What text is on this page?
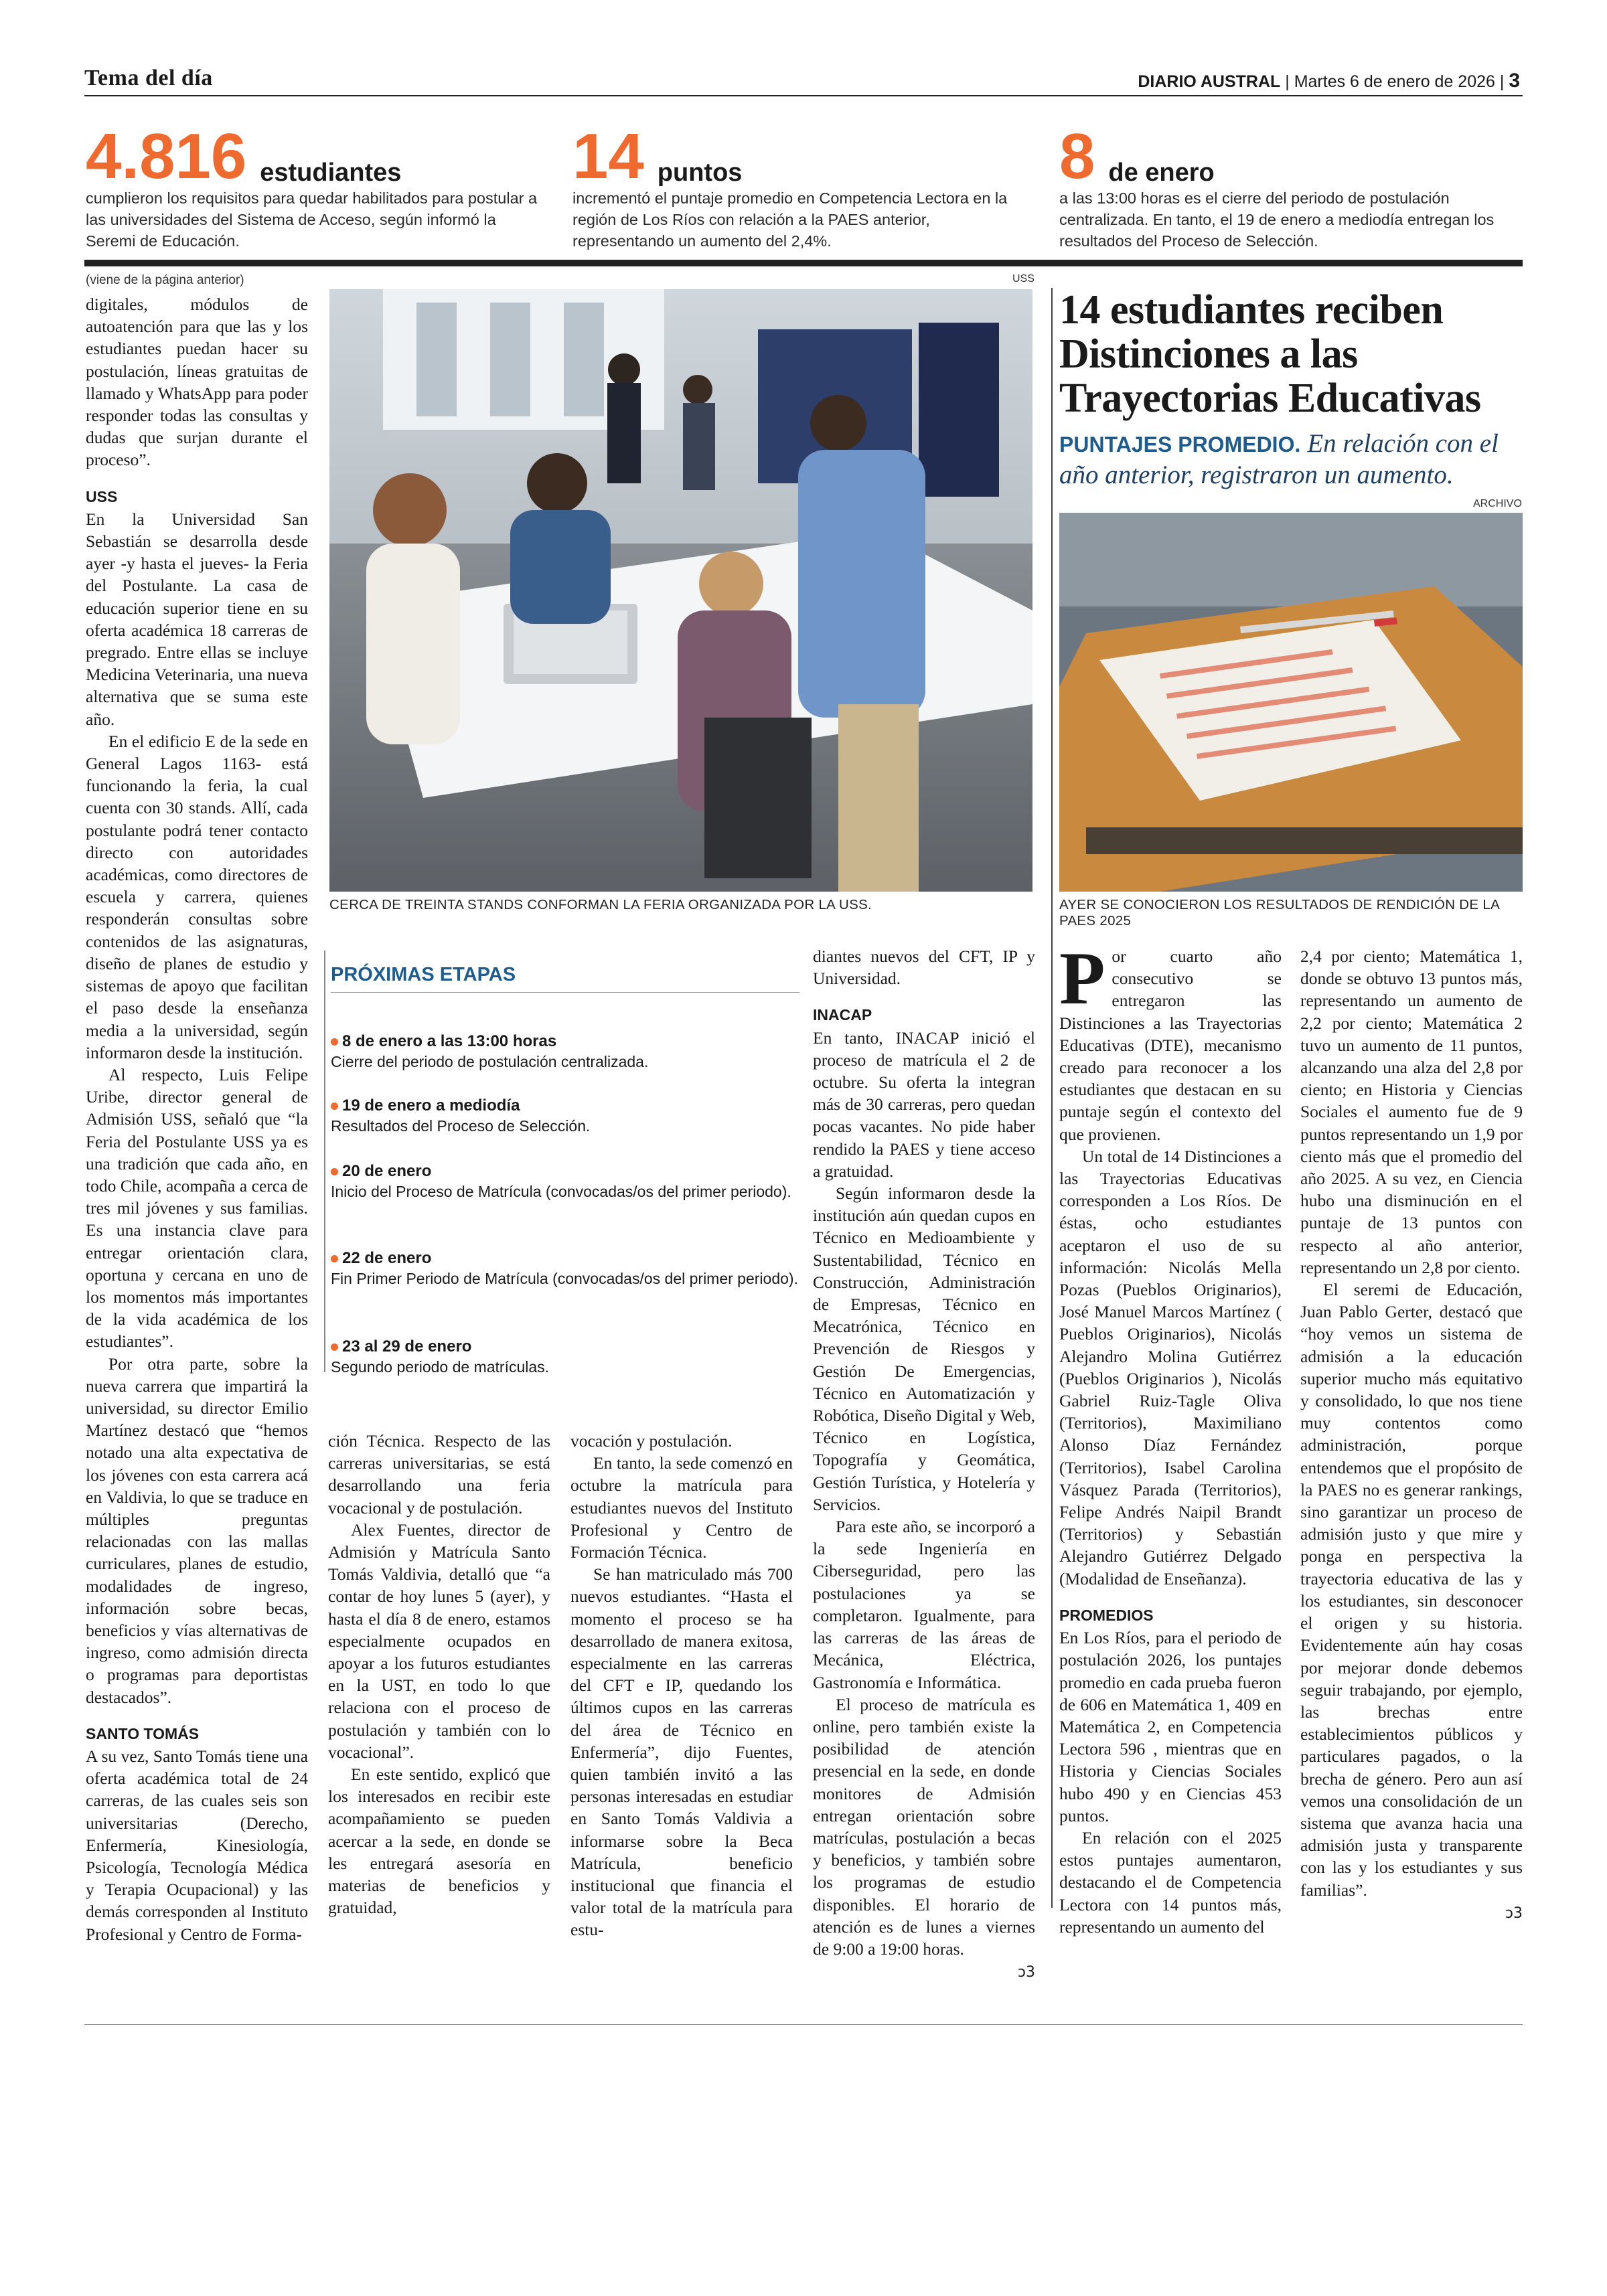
Tema del día	DIARIO AUSTRAL | Martes 6 de enero de 2026 | 3
4.816 estudiantes
cumplieron los requisitos para quedar habilitados para postular a las universidades del Sistema de Acceso, según informó la Seremi de Educación.
14 puntos
incrementó el puntaje promedio en Competencia Lectora en la región de Los Ríos con relación a la PAES anterior, representando un aumento del 2,4%.
8 de enero
a las 13:00 horas es el cierre del periodo de postulación centralizada. En tanto, el 19 de enero a mediodía entregan los resultados del Proceso de Selección.
(viene de la página anterior)

digitales, módulos de autoatención para que las y los estudiantes puedan hacer su postulación, líneas gratuitas de llamado y WhatsApp para poder responder todas las consultas y dudas que surjan durante el proceso”.

USS

En la Universidad San Sebastián se desarrolla desde ayer -y hasta el jueves- la Feria del Postulante. La casa de educación superior tiene en su oferta académica 18 carreras de pregrado. Entre ellas se incluye Medicina Veterinaria, una nueva alternativa que se suma este año.

En el edificio E de la sede en General Lagos 1163- está funcionando la feria, la cual cuenta con 30 stands. Allí, cada postulante podrá tener contacto directo con autoridades académicas, como directores de escuela y carrera, quienes responderán consultas sobre contenidos de las asignaturas, diseño de planes de estudio y sistemas de apoyo que facilitan el paso desde la enseñanza media a la universidad, según informaron desde la institución.

Al respecto, Luis Felipe Uribe, director general de Admisión USS, señaló que “la Feria del Postulante USS ya es una tradición que cada año, en todo Chile, acompaña a cerca de tres mil jóvenes y sus familias. Es una instancia clave para entregar orientación clara, oportuna y cercana en uno de los momentos más importantes de la vida académica de los estudiantes”.

Por otra parte, sobre la nueva carrera que impartirá la universidad, su director Emilio Martínez destacó que “hemos notado una alta expectativa de los jóvenes con esta carrera acá en Valdivia, lo que se traduce en múltiples preguntas relacionadas con las mallas curriculares, planes de estudio, modalidades de ingreso, información sobre becas, beneficios y vías alternativas de ingreso, como admisión directa o programas para deportistas destacados”.

SANTO TOMÁS

A su vez, Santo Tomás tiene una oferta académica total de 24 carreras, de las cuales seis son universitarias (Derecho, Enfermería, Kinesiología, Psicología, Tecnología Médica y Terapia Ocupacional) y las demás corresponden al Instituto Profesional y Centro de Forma-

USS
CERCA DE TREINTA STANDS CONFORMAN LA FERIA ORGANIZADA POR LA USS.
PRÓXIMAS ETAPAS
8 de enero a las 13:00 horas
Cierre del periodo de postulación centralizada.
19 de enero a mediodía
Resultados del Proceso de Selección.
20 de enero
Inicio del Proceso de Matrícula (convocadas/os del primer periodo).
22 de enero
Fin Primer Periodo de Matrícula (convocadas/os del primer periodo).
23 al 29 de enero
Segundo periodo de matrículas.

ción Técnica. Respecto de las carreras universitarias, se está desarrollando una feria vocacional y de postulación.

Alex Fuentes, director de Admisión y Matrícula Santo Tomás Valdivia, detalló que “a contar de hoy lunes 5 (ayer), y hasta el día 8 de enero, estamos especialmente ocupados en apoyar a los futuros estudiantes en la UST, en todo lo que relaciona con el proceso de postulación y también con lo vocacional”.

En este sentido, explicó que los interesados en recibir este acompañamiento se pueden acercar a la sede, en donde se les entregará asesoría en materias de beneficios y gratuidad,

vocación y postulación.

En tanto, la sede comenzó en octubre la matrícula para estudiantes nuevos del Instituto Profesional y Centro de Formación Técnica.

Se han matriculado más 700 nuevos estudiantes. “Hasta el momento el proceso se ha desarrollado de manera exitosa, especialmente en las carreras del CFT e IP, quedando los últimos cupos en las carreras del área de Técnico en Enfermería”, dijo Fuentes, quien también invitó a las personas interesadas en estudiar en Santo Tomás Valdivia a informarse sobre la Beca Matrícula, beneficio institucional que financia el valor total de la matrícula para estu-

diantes nuevos del CFT, IP y Universidad.

INACAP

En tanto, INACAP inició el proceso de matrícula el 2 de octubre. Su oferta la integran más de 30 carreras, pero quedan pocas vacantes. No pide haber rendido la PAES y tiene acceso a gratuidad.

Según informaron desde la institución aún quedan cupos en Técnico en Medioambiente y Sustentabilidad, Técnico en Construcción, Administración de Empresas, Técnico en Mecatrónica, Técnico en Prevención de Riesgos y Gestión De Emergencias, Técnico en Automatización y Robótica, Diseño Digital y Web, Técnico en Logística, Topografía y Geomática, Gestión Turística, y Hotelería y Servicios.

Para este año, se incorporó a la sede Ingeniería en Ciberseguridad, pero las postulaciones ya se completaron. Igualmente, para las carreras de las áreas de Mecánica, Eléctrica, Gastronomía e Informática.

El proceso de matrícula es online, pero también existe la posibilidad de atención presencial en la sede, en donde monitores de Admisión entregan orientación sobre matrículas, postulación a becas y beneficios, y también sobre los programas de estudio disponibles. El horario de atención es de lunes a viernes de 9:00 a 19:00 horas.

ↄ3

14 estudiantes reciben Distinciones a las Trayectorias Educativas
PUNTAJES PROMEDIO. En relación con el año anterior, registraron un aumento.
ARCHIVO
AYER SE CONOCIERON LOS RESULTADOS DE RENDICIÓN DE LA PAES 2025

Por cuarto año consecutivo se entregaron las Distinciones a las Trayectorias Educativas (DTE), mecanismo creado para reconocer a los estudiantes que destacan en su puntaje según el contexto del que provienen.

Un total de 14 Distinciones a las Trayectorias Educativas corresponden a Los Ríos. De éstas, ocho estudiantes aceptaron el uso de su información: Nicolás Mella Pozas (Pueblos Originarios), José Manuel Marcos Martínez ( Pueblos Originarios), Nicolás Alejandro Molina Gutiérrez (Pueblos Originarios ), Nicolás Gabriel Ruiz-Tagle Oliva (Territorios), Maximiliano Alonso Díaz Fernández (Territorios), Isabel Carolina Vásquez Parada (Territorios), Felipe Andrés Naipil Brandt (Territorios) y Sebastián Alejandro Gutiérrez Delgado (Modalidad de Enseñanza).

PROMEDIOS

En Los Ríos, para el periodo de postulación 2026, los puntajes promedio en cada prueba fueron de 606 en Matemática 1, 409 en Matemática 2, en Competencia Lectora 596 , mientras que en Historia y Ciencias Sociales hubo 490 y en Ciencias 453 puntos.

En relación con el 2025 estos puntajes aumentaron, destacando el de Competencia Lectora con 14 puntos más, representando un aumento del

2,4 por ciento; Matemática 1, donde se obtuvo 13 puntos más, representando un aumento de 2,2 por ciento; Matemática 2 tuvo un aumento de 11 puntos, alcanzando una alza del 2,8 por ciento; en Historia y Ciencias Sociales el aumento fue de 9 puntos representando un 1,9 por ciento más que el promedio del año 2025. A su vez, en Ciencia hubo una disminución en el puntaje de 13 puntos con respecto al año anterior, representando un 2,8 por ciento.

El seremi de Educación, Juan Pablo Gerter, destacó que “hoy vemos un sistema de admisión a la educación superior mucho más equitativo y consolidado, lo que nos tiene muy contentos como administración, porque entendemos que el propósito de la PAES no es generar rankings, sino garantizar un proceso de admisión justo y que mire y ponga en perspectiva la trayectoria educativa de las y los estudiantes, sin desconocer el origen y su historia. Evidentemente aún hay cosas por mejorar donde debemos seguir trabajando, por ejemplo, las brechas entre establecimientos públicos y particulares pagados, o la brecha de género. Pero aun así vemos una consolidación de un sistema que avanza hacia una admisión justa y transparente con las y los estudiantes y sus familias”.

ↄ3
